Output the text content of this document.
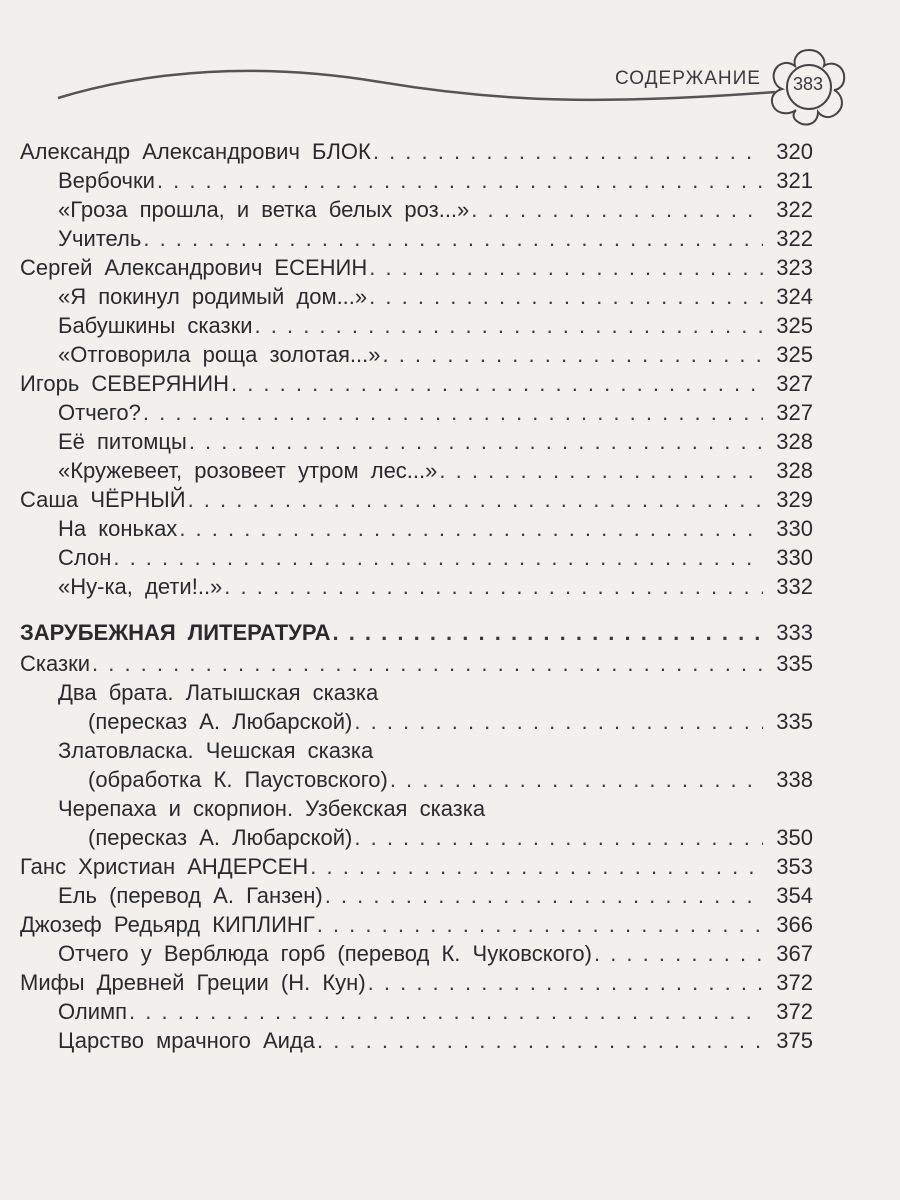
СОДЕРЖАНИЕ	383
Александр Александрович БЛОК . . .	320
Вербочки . . .	321
«Гроза прошла, и ветка белых роз...» . . .	322
Учитель . . .	322
Сергей Александрович ЕСЕНИН . . .	323
«Я покинул родимый дом...» . . .	324
Бабушкины сказки . . .	325
«Отговорила роща золотая...» . . .	325
Игорь СЕВЕРЯНИН . . .	327
Отчего? . . .	327
Её питомцы . . .	328
«Кружевеет, розовеет утром лес...» . . .	328
Саша ЧЁРНЫЙ . . .	329
На коньках . . .	330
Слон . . .	330
«Ну-ка, дети!..» . . .	332
ЗАРУБЕЖНАЯ ЛИТЕРАТУРА . . .	333
Сказки . . .	335
Два брата. Латышская сказка
(пересказ А. Любарской) . . .	335
Златовласка. Чешская сказка
(обработка К. Паустовского) . . .	338
Черепаха и скорпион. Узбекская сказка
(пересказ А. Любарской) . . .	350
Ганс Христиан АНДЕРСЕН . . .	353
Ель (перевод А. Ганзен) . . .	354
Джозеф Редьярд КИПЛИНГ . . .	366
Отчего у Верблюда горб (перевод К. Чуковского) . . .	367
Мифы Древней Греции (Н. Кун) . . .	372
Олимп . . .	372
Царство мрачного Аида . . .	375
